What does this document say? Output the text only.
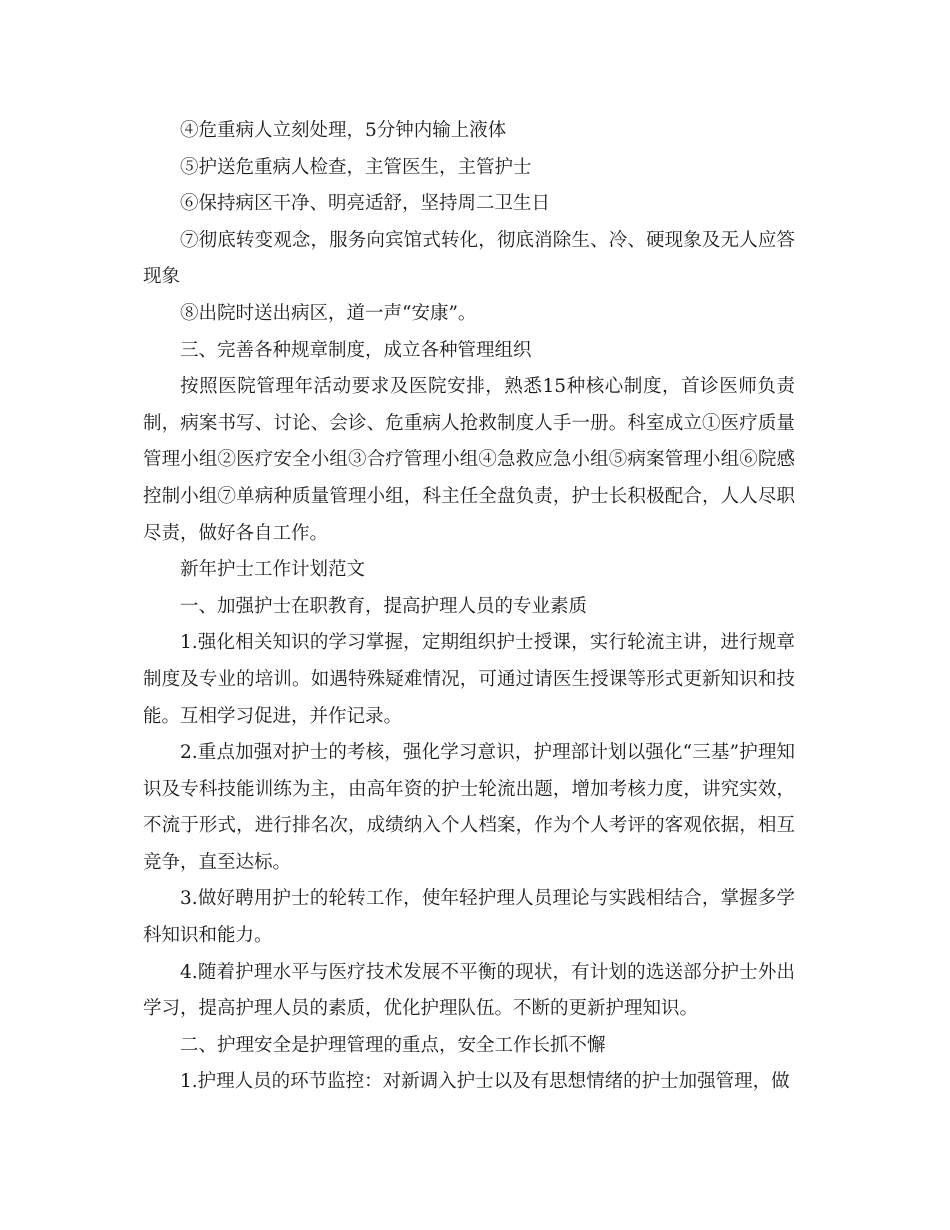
④危重病人立刻处理，5分钟内输上液体

⑤护送危重病人检查，主管医生，主管护士

⑥保持病区干净、明亮适舒，坚持周二卫生日

⑦彻底转变观念，服务向宾馆式转化，彻底消除生、冷、硬现象及无人应答现象

⑧出院时送出病区，道一声“安康”。

三、完善各种规章制度，成立各种管理组织

按照医院管理年活动要求及医院安排，熟悉15种核心制度，首诊医师负责制，病案书写、讨论、会诊、危重病人抢救制度人手一册。科室成立①医疗质量管理小组②医疗安全小组③合疗管理小组④急救应急小组⑤病案管理小组⑥院感控制小组⑦单病种质量管理小组，科主任全盘负责，护士长积极配合，人人尽职尽责，做好各自工作。

新年护士工作计划范文

一、加强护士在职教育，提高护理人员的专业素质

1.强化相关知识的学习掌握，定期组织护士授课，实行轮流主讲，进行规章制度及专业的培训。如遇特殊疑难情况，可通过请医生授课等形式更新知识和技能。互相学习促进，并作记录。

2.重点加强对护士的考核，强化学习意识，护理部计划以强化“三基”护理知识及专科技能训练为主，由高年资的护士轮流出题，增加考核力度，讲究实效，不流于形式，进行排名次，成绩纳入个人档案，作为个人考评的客观依据，相互竞争，直至达标。

3.做好聘用护士的轮转工作，使年轻护理人员理论与实践相结合，掌握多学科知识和能力。

4.随着护理水平与医疗技术发展不平衡的现状，有计划的选送部分护士外出学习，提高护理人员的素质，优化护理队伍。不断的更新护理知识。

二、护理安全是护理管理的重点，安全工作长抓不懈

1.护理人员的环节监控：对新调入护士以及有思想情绪的护士加强管理，做
